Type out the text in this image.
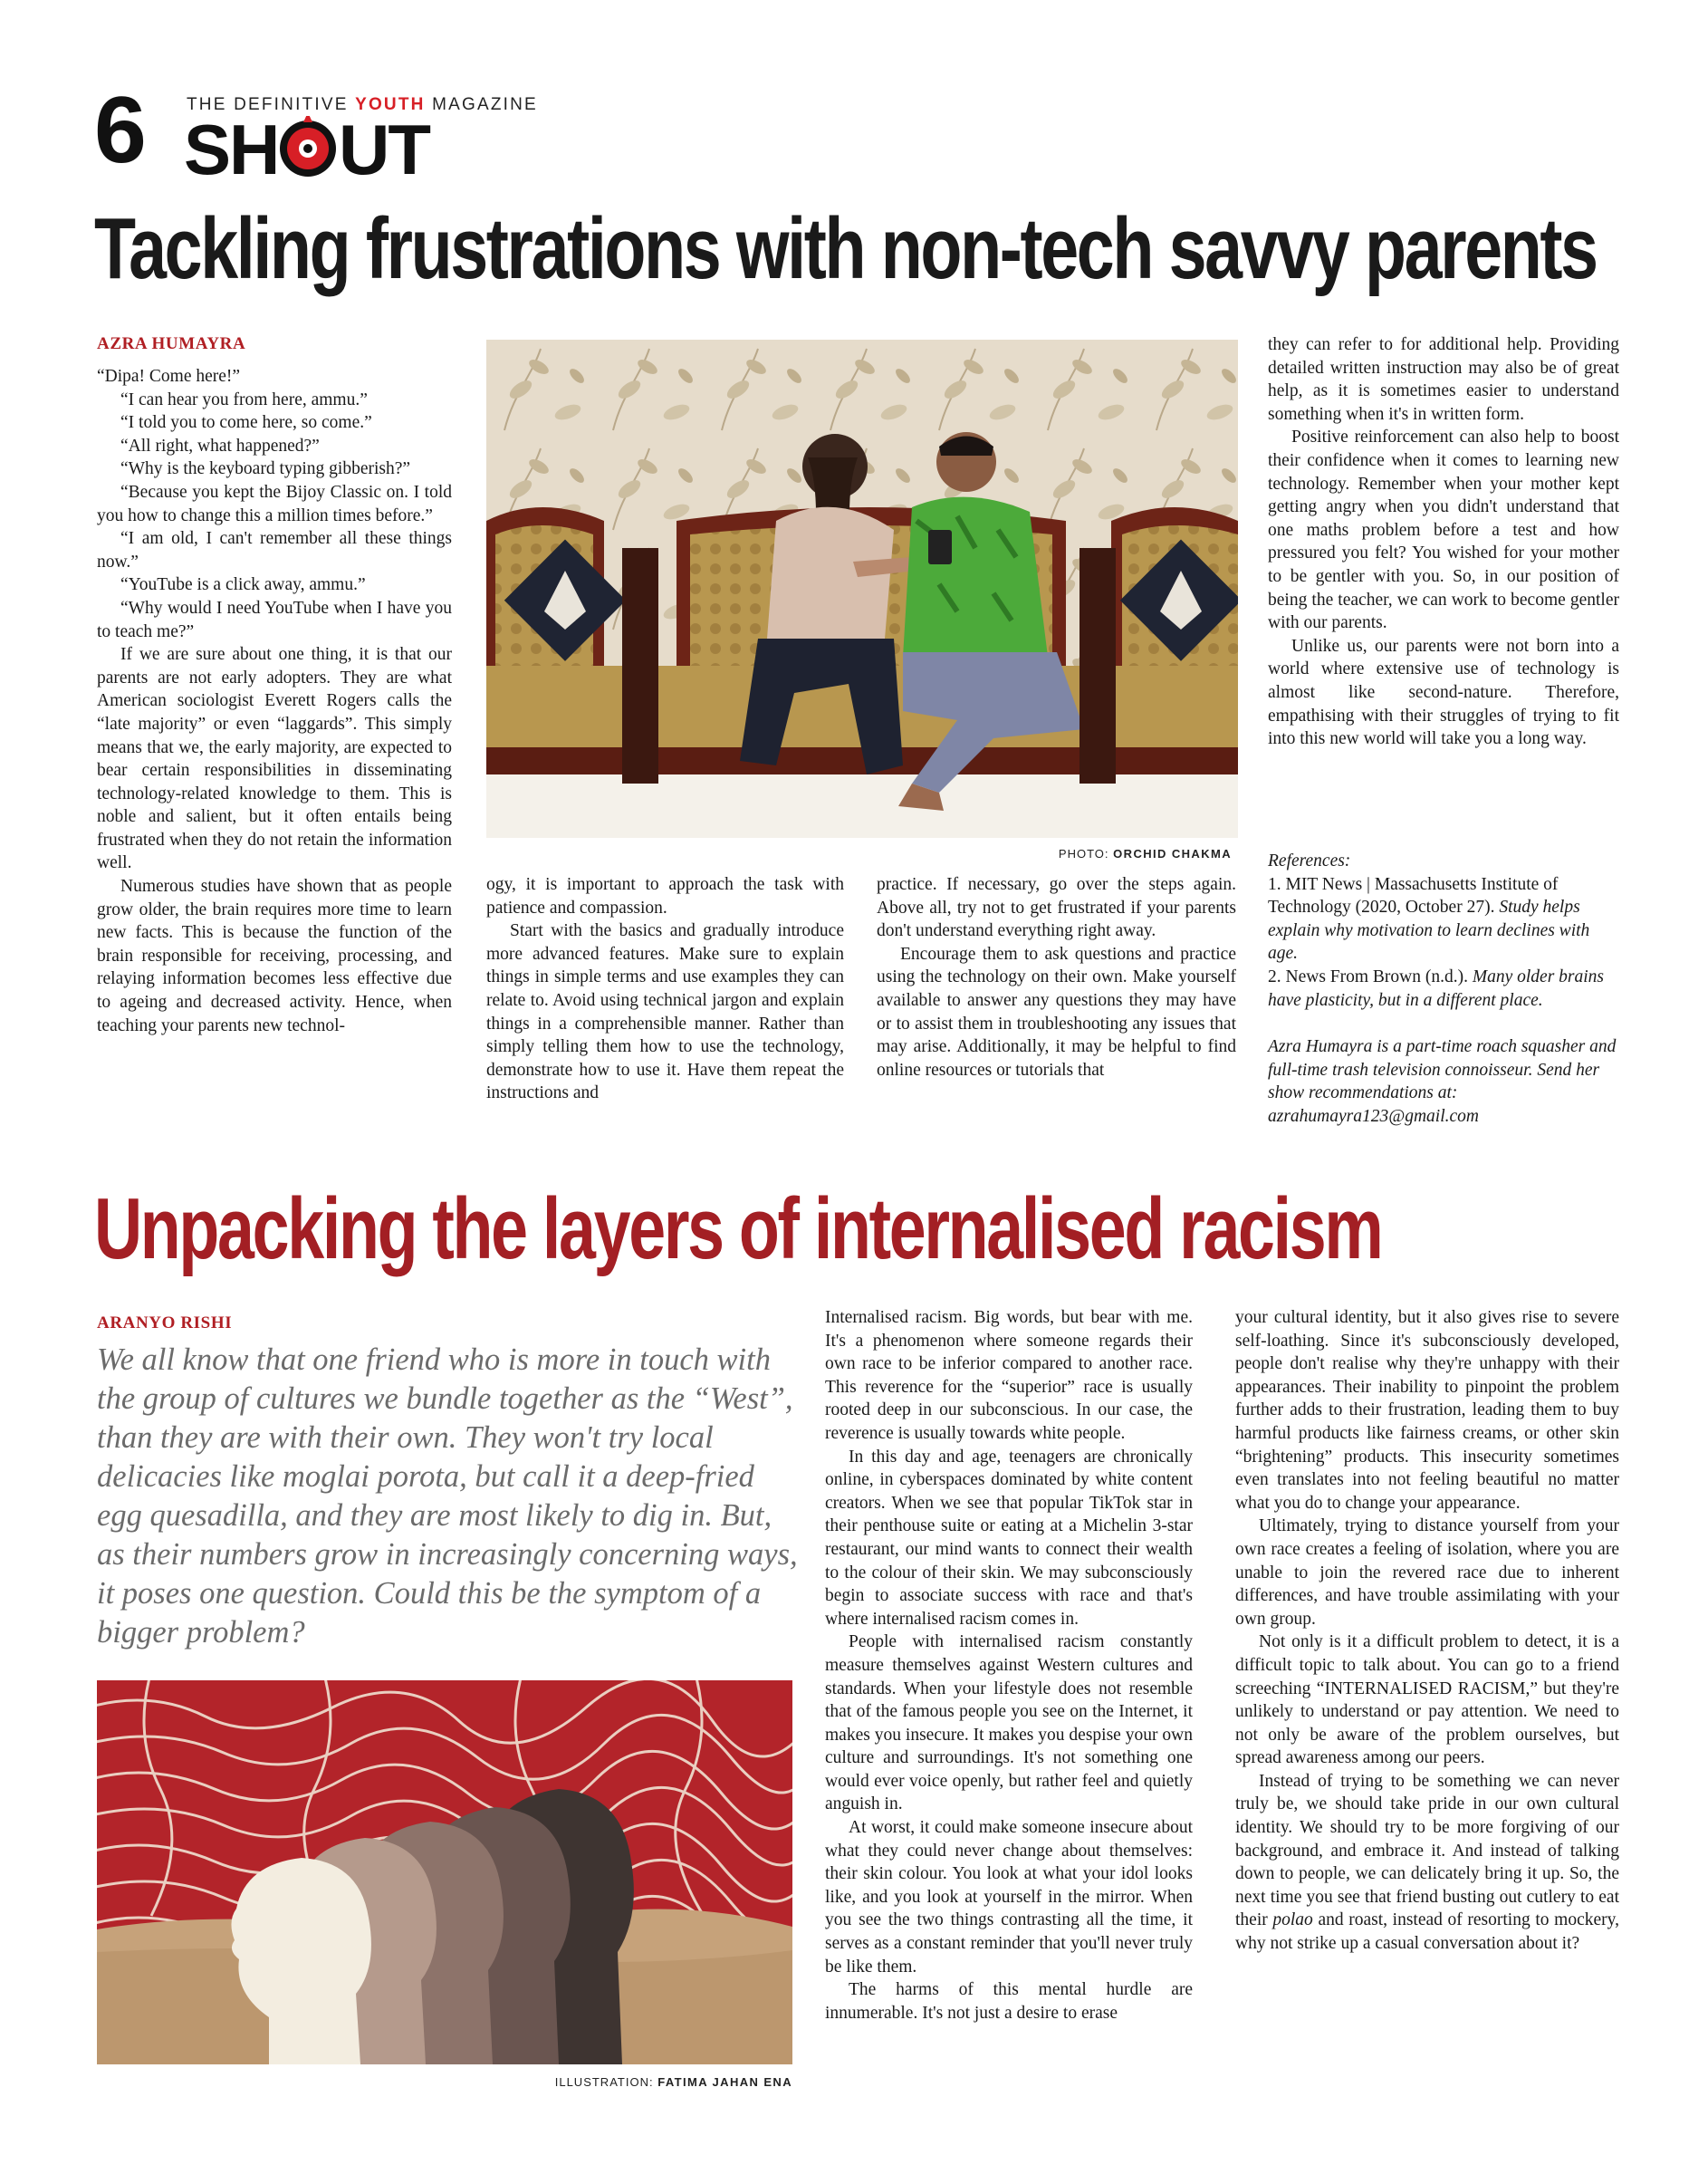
6 THE DEFINITIVE YOUTH MAGAZINE
SH UT
Tackling frustrations with non-tech savvy parents
AZRA HUMAYRA

“Dipa! Come here!”

“I can hear you from here, ammu.”

“I told you to come here, so come.”

“All right, what happened?”

“Why is the keyboard typing gibberish?”

“Because you kept the Bijoy Classic on. I told you how to change this a million times before.”

“I am old, I can't remember all these things now.”

“YouTube is a click away, ammu.”

“Why would I need YouTube when I have you to teach me?”

If we are sure about one thing, it is that our parents are not early adopters. They are what American sociologist Everett Rogers calls the “late majority” or even “laggards”. This simply means that we, the early majority, are expected to bear certain responsibilities in disseminating technology-related knowledge to them. This is noble and salient, but it often entails being frustrated when they do not retain the information well.

Numerous studies have shown that as people grow older, the brain requires more time to learn new facts. This is because the function of the brain responsible for receiving, processing, and relaying information becomes less effective due to ageing and decreased activity. Hence, when teaching your parents new technol-

PHOTO: ORCHID CHAKMA

ogy, it is important to approach the task with patience and compassion.

Start with the basics and gradually introduce more advanced features. Make sure to explain things in simple terms and use examples they can relate to. Avoid using technical jargon and explain things in a comprehensible manner. Rather than simply telling them how to use the technology, demonstrate how to use it. Have them repeat the instructions and

practice. If necessary, go over the steps again. Above all, try not to get frustrated if your parents don't understand everything right away.

Encourage them to ask questions and practice using the technology on their own. Make yourself available to answer any questions they may have or to assist them in troubleshooting any issues that may arise. Additionally, it may be helpful to find online resources or tutorials that

they can refer to for additional help. Providing detailed written instruction may also be of great help, as it is sometimes easier to understand something when it's in written form.

Positive reinforcement can also help to boost their confidence when it comes to learning new technology. Remember when your mother kept getting angry when you didn't understand that one maths problem before a test and how pressured you felt? You wished for your mother to be gentler with you. So, in our position of being the teacher, we can work to become gentler with our parents.

Unlike us, our parents were not born into a world where extensive use of technology is almost like second-nature. Therefore, empathising with their struggles of trying to fit into this new world will take you a long way.

References:
1. MIT News | Massachusetts Institute of Technology (2020, October 27). Study helps explain why motivation to learn declines with age.
2. News From Brown (n.d.). Many older brains have plasticity, but in a different place.
Azra Humayra is a part-time roach squasher and full-time trash television connoisseur. Send her show recommendations at: azrahumayra123@gmail.com
Unpacking the layers of internalised racism
ARANYO RISHI
We all know that one friend who is more in touch with the group of cultures we bundle together as the “West”, than they are with their own. They won't try local delicacies like moglai porota, but call it a deep-fried egg quesadilla, and they are most likely to dig in. But, as their numbers grow in increasingly concerning ways, it poses one question. Could this be the symptom of a bigger problem?
ILLUSTRATION: FATIMA JAHAN ENA

Internalised racism. Big words, but bear with me. It's a phenomenon where someone regards their own race to be inferior compared to another race. This reverence for the “superior” race is usually rooted deep in our subconscious. In our case, the reverence is usually towards white people.

In this day and age, teenagers are chronically online, in cyberspaces dominated by white content creators. When we see that popular TikTok star in their penthouse suite or eating at a Michelin 3-star restaurant, our mind wants to connect their wealth to the colour of their skin. We may subconsciously begin to associate success with race and that's where internalised racism comes in.

People with internalised racism constantly measure themselves against Western cultures and standards. When your lifestyle does not resemble that of the famous people you see on the Internet, it makes you insecure. It makes you despise your own culture and surroundings. It's not something one would ever voice openly, but rather feel and quietly anguish in.

At worst, it could make someone insecure about what they could never change about themselves: their skin colour. You look at what your idol looks like, and you look at yourself in the mirror. When you see the two things contrasting all the time, it serves as a constant reminder that you'll never truly be like them.

The harms of this mental hurdle are innumerable. It's not just a desire to erase

your cultural identity, but it also gives rise to severe self-loathing. Since it's subconsciously developed, people don't realise why they're unhappy with their appearances. Their inability to pinpoint the problem further adds to their frustration, leading them to buy harmful products like fairness creams, or other skin “brightening” products. This insecurity sometimes even translates into not feeling beautiful no matter what you do to change your appearance.

Ultimately, trying to distance yourself from your own race creates a feeling of isolation, where you are unable to join the revered race due to inherent differences, and have trouble assimilating with your own group.

Not only is it a difficult problem to detect, it is a difficult topic to talk about. You can go to a friend screeching “INTERNALISED RACISM,” but they're unlikely to understand or pay attention. We need to not only be aware of the problem ourselves, but spread awareness among our peers.

Instead of trying to be something we can never truly be, we should take pride in our own cultural identity. We should try to be more forgiving of our background, and embrace it. And instead of talking down to people, we can delicately bring it up. So, the next time you see that friend busting out cutlery to eat their polao and roast, instead of resorting to mockery, why not strike up a casual conversation about it?
